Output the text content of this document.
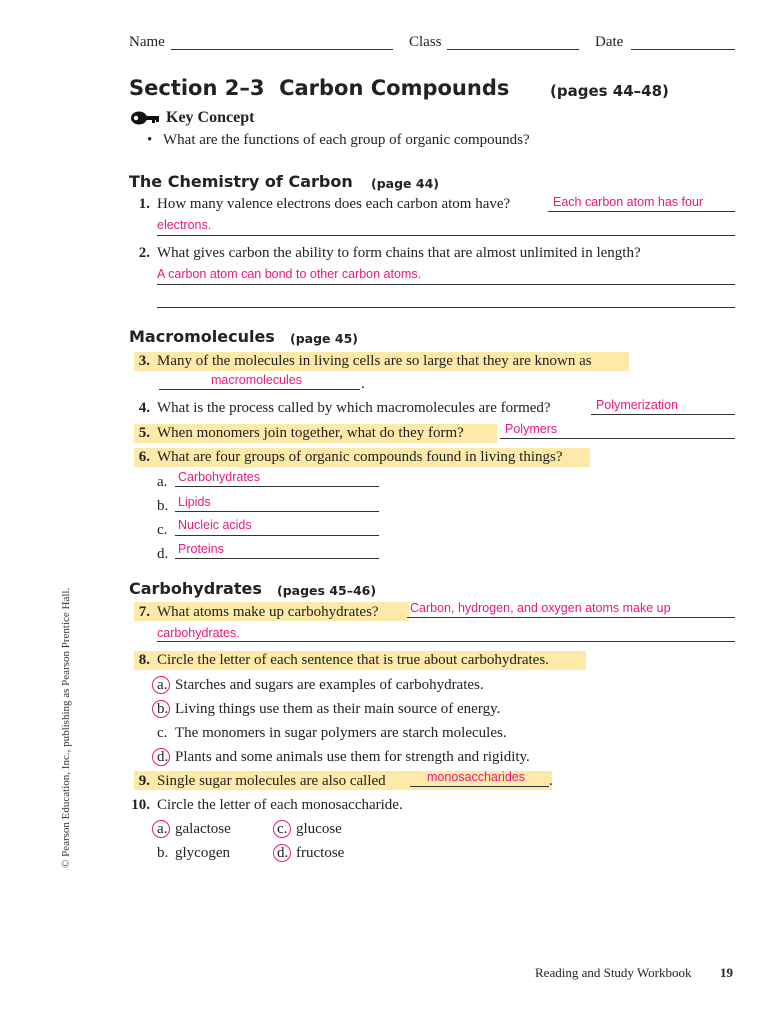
Name	Class	Date
Section 2–3  Carbon Compounds	(pages 44–48)
Key Concept
• What are the functions of each group of organic compounds?
The Chemistry of Carbon (page 44)
1. How many valence electrons does each carbon atom have?	Each carbon atom has four
electrons.
2. What gives carbon the ability to form chains that are almost unlimited in length?
A carbon atom can bond to other carbon atoms.
Macromolecules (page 45)
3. Many of the molecules in living cells are so large that they are known as
macromolecules	.
4. What is the process called by which macromolecules are formed?	Polymerization
5. When monomers join together, what do they form?	Polymers
6. What are four groups of organic compounds found in living things?
a. Carbohydrates
b. Lipids
c. Nucleic acids
d. Proteins
Carbohydrates (pages 45–46)
7. What atoms make up carbohydrates?	Carbon, hydrogen, and oxygen atoms make up
carbohydrates.
8. Circle the letter of each sentence that is true about carbohydrates.
a. Starches and sugars are examples of carbohydrates.
b. Living things use them as their main source of energy.
c. The monomers in sugar polymers are starch molecules.
d. Plants and some animals use them for strength and rigidity.
9. Single sugar molecules are also called	monosaccharides .
10. Circle the letter of each monosaccharide.
a. galactose	c. glucose
b. glycogen	d. fructose
© Pearson Education, Inc., publishing as Pearson Prentice Hall.
Reading and Study Workbook 19
